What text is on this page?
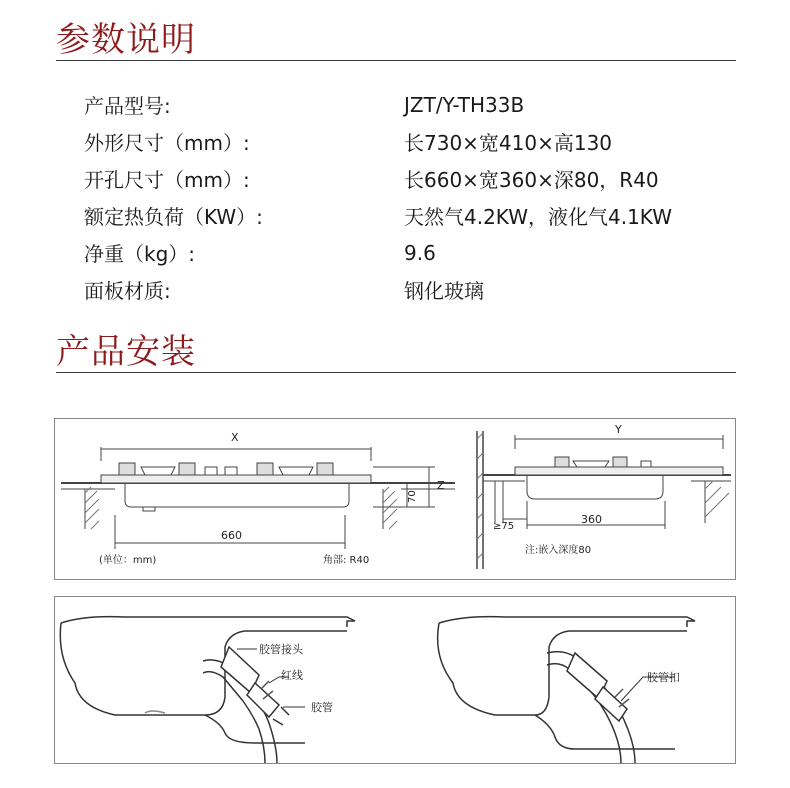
参数说明
产品型号:	JZT/Y-TH33B
外形尺寸（mm）:	长730×宽410×高130
开孔尺寸（mm）:	长660×宽360×深80，R40
额定热负荷（KW）:	天然气4.2KW，液化气4.1KW
净重（kg）:	9.6
面板材质:	钢化玻璃
产品安装
X
Z
70
660
(单位：mm)	角部: R40
Y
≥75
360
注:嵌入深度80
胶管接头
红线
胶管
胶管扣
